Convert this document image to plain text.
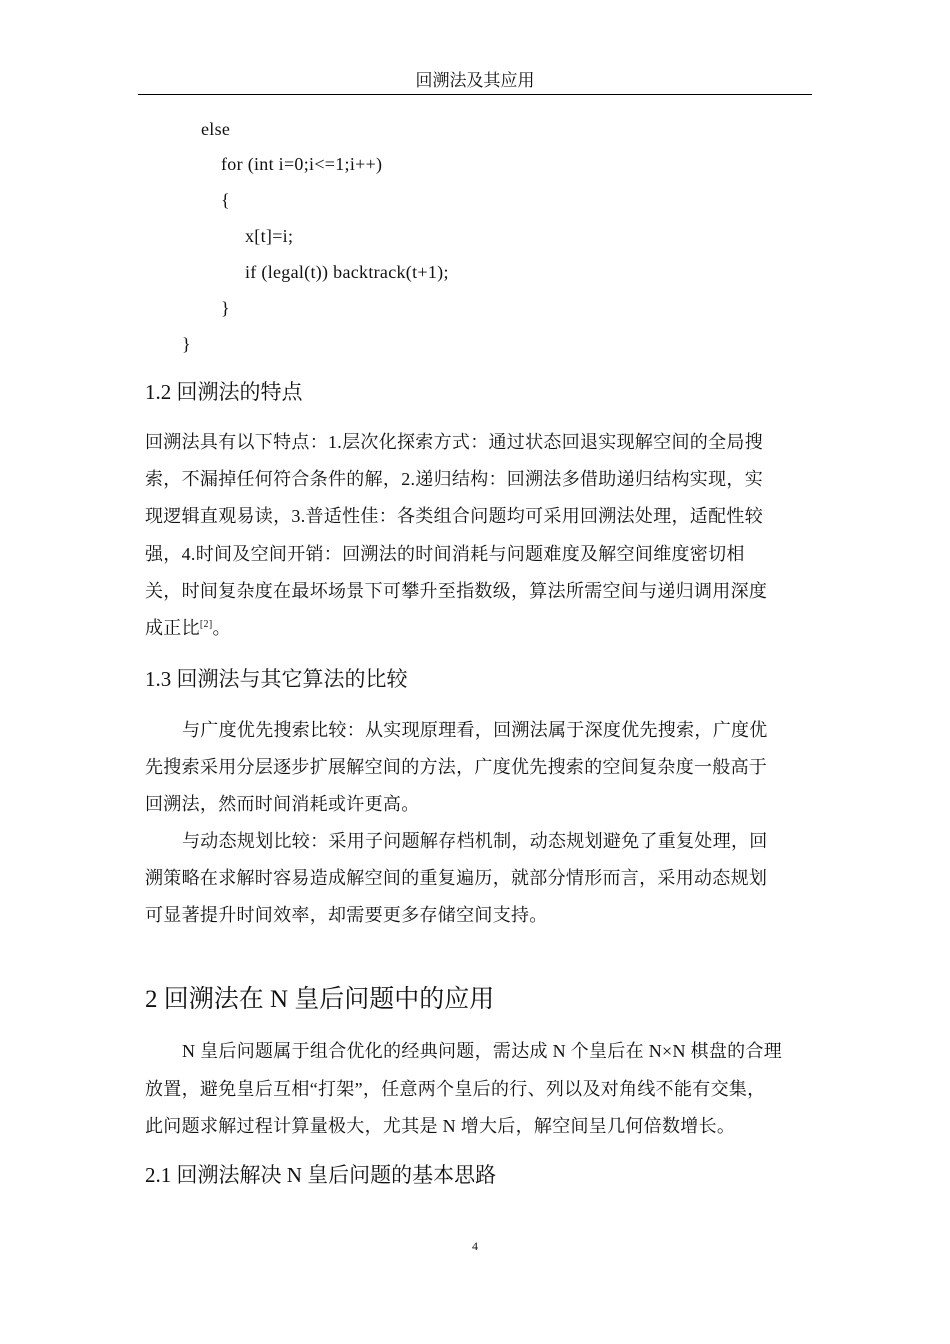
回溯法及其应用
else
for (int i=0;i<=1;i++)
{
x[t]=i;
if (legal(t)) backtrack(t+1);
}
}
1.2 回溯法的特点
回溯法具有以下特点：1.层次化探索方式：通过状态回退实现解空间的全局搜
索，不漏掉任何符合条件的解，2.递归结构：回溯法多借助递归结构实现，实
现逻辑直观易读，3.普适性佳：各类组合问题均可采用回溯法处理，适配性较
强，4.时间及空间开销：回溯法的时间消耗与问题难度及解空间维度密切相
关，时间复杂度在最坏场景下可攀升至指数级，算法所需空间与递归调用深度
成正比[2]。
1.3 回溯法与其它算法的比较
与广度优先搜索比较：从实现原理看，回溯法属于深度优先搜索，广度优
先搜索采用分层逐步扩展解空间的方法，广度优先搜索的空间复杂度一般高于
回溯法，然而时间消耗或许更高。
与动态规划比较：采用子问题解存档机制，动态规划避免了重复处理，回
溯策略在求解时容易造成解空间的重复遍历，就部分情形而言，采用动态规划
可显著提升时间效率，却需要更多存储空间支持。
2 回溯法在 N 皇后问题中的应用
N 皇后问题属于组合优化的经典问题，需达成 N 个皇后在 N×N 棋盘的合理
放置，避免皇后互相“打架”，任意两个皇后的行、列以及对角线不能有交集，
此问题求解过程计算量极大，尤其是 N 增大后，解空间呈几何倍数增长。
2.1 回溯法解决 N 皇后问题的基本思路
4
